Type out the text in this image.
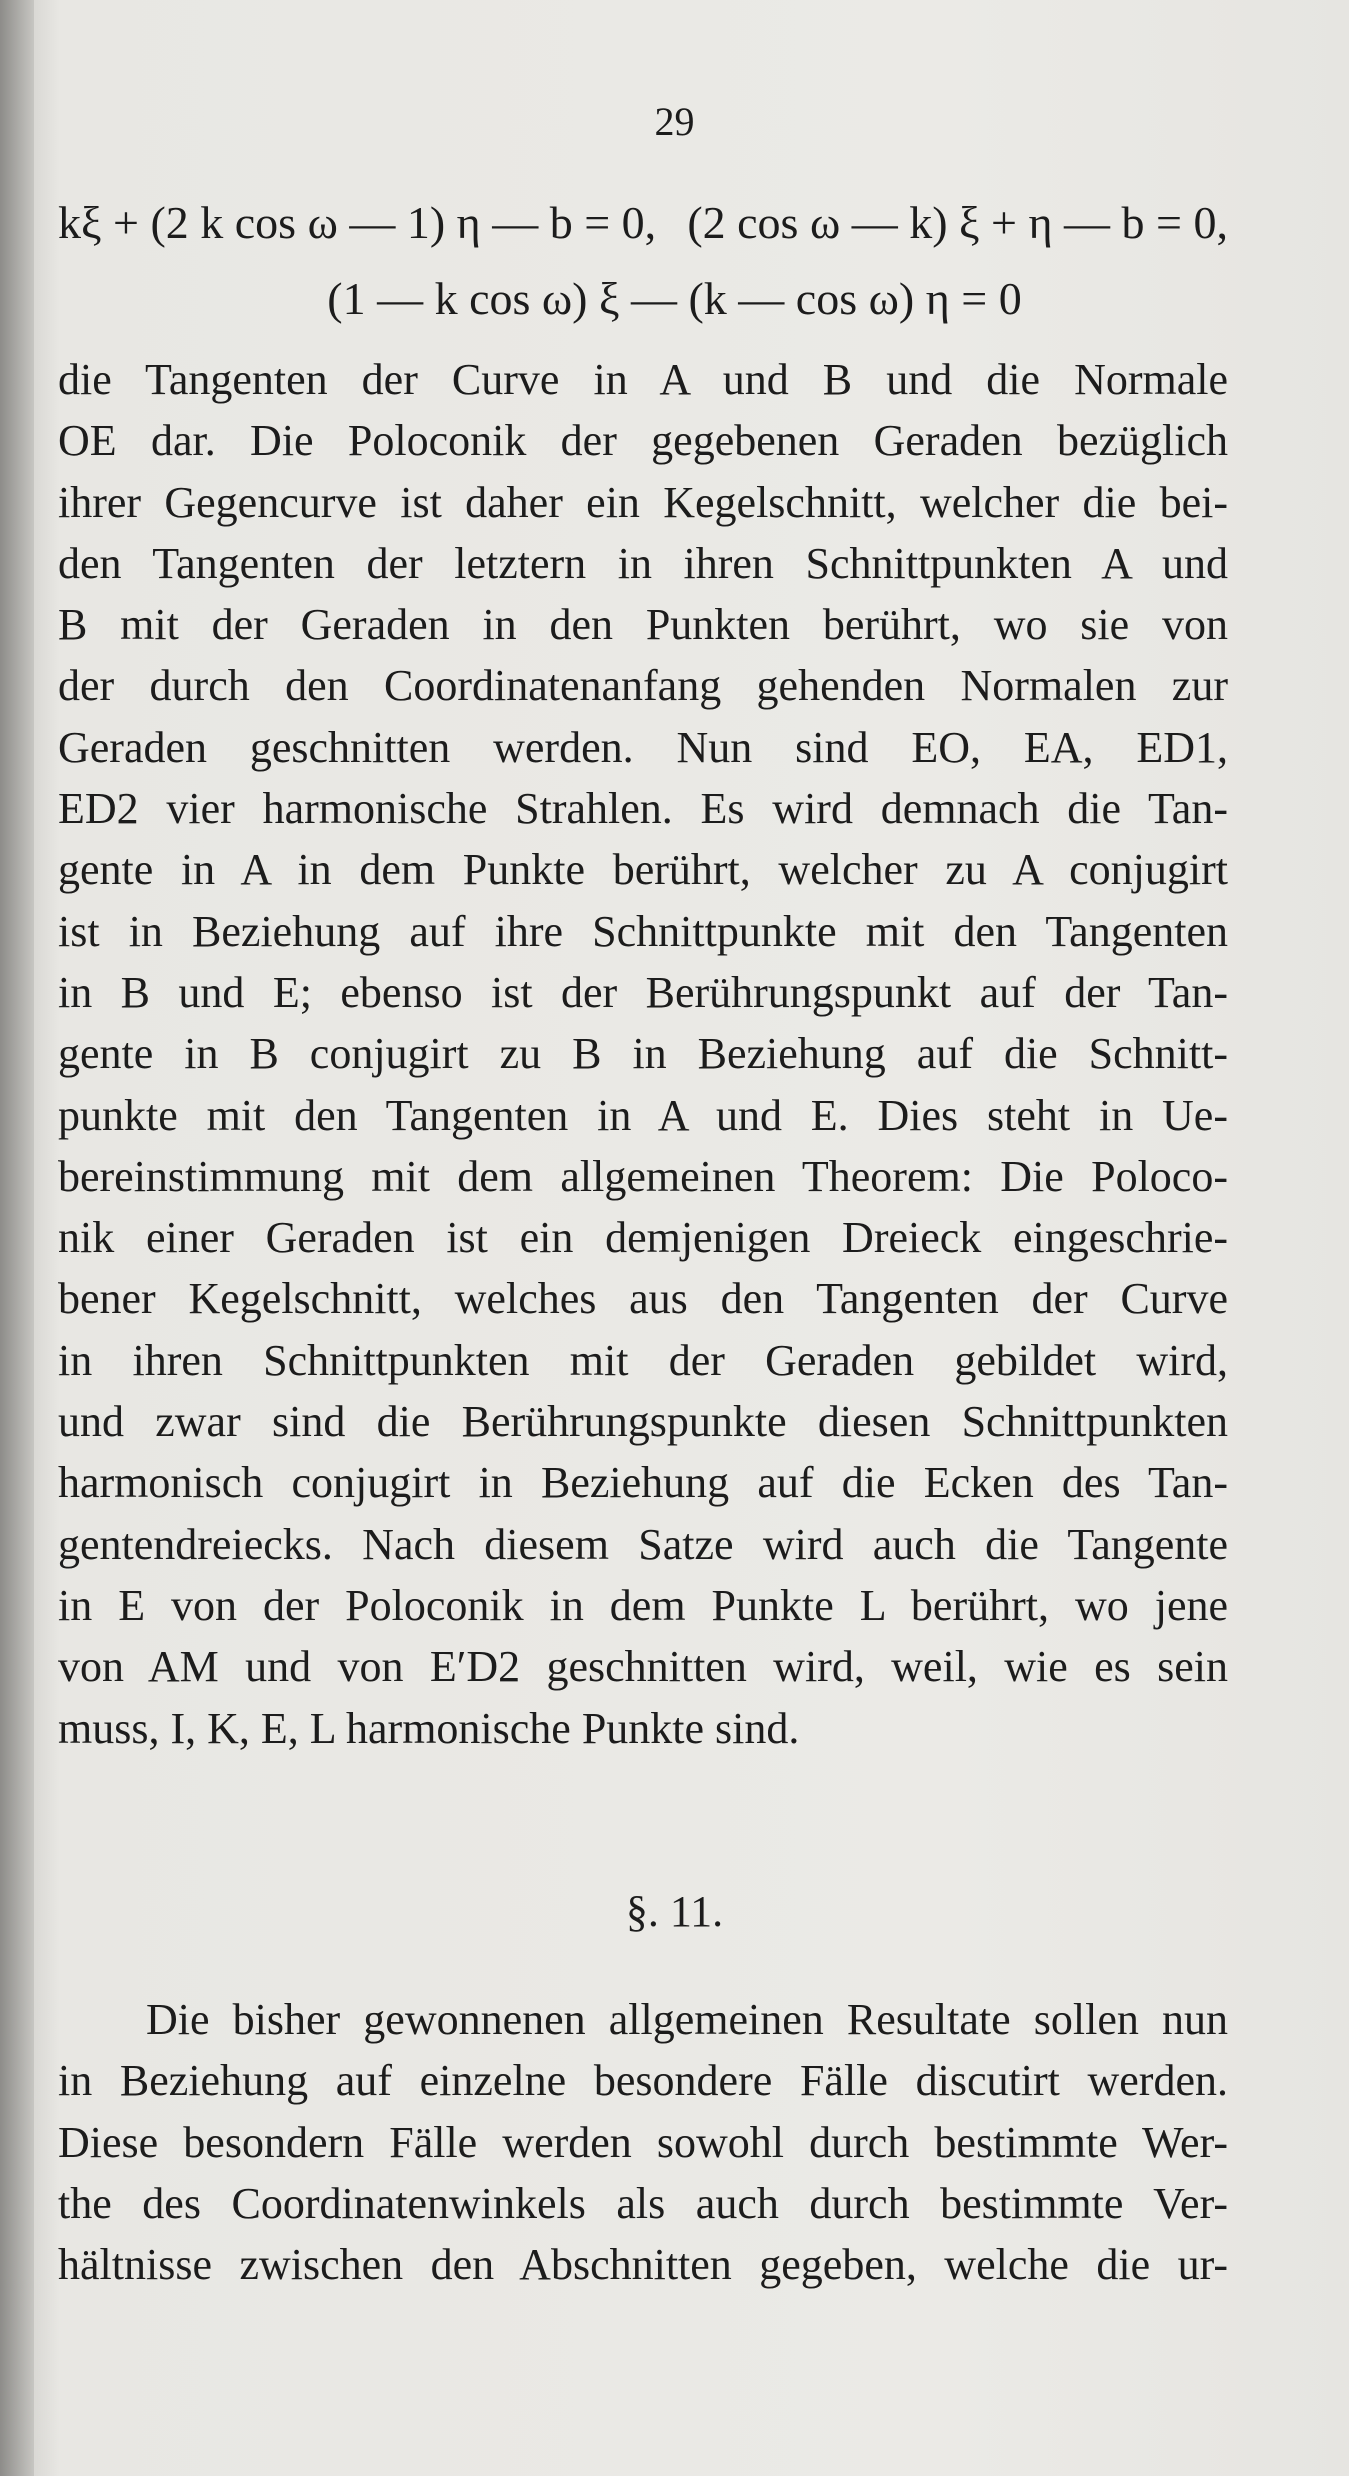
29
kξ + (2 k cos ω — 1) η — b = 0, (2 cos ω — k) ξ + η — b = 0,
(1 — k cos ω) ξ — (k — cos ω) η = 0
die Tangenten der Curve in A und B und die Normale
OE dar. Die Poloconik der gegebenen Geraden bezüglich
ihrer Gegencurve ist daher ein Kegelschnitt, welcher die bei-
den Tangenten der letztern in ihren Schnittpunkten A und
B mit der Geraden in den Punkten berührt, wo sie von
der durch den Coordinatenanfang gehenden Normalen zur
Geraden geschnitten werden. Nun sind EO, EA, ED1,
ED2 vier harmonische Strahlen. Es wird demnach die Tan-
gente in A in dem Punkte berührt, welcher zu A conjugirt
ist in Beziehung auf ihre Schnittpunkte mit den Tangenten
in B und E; ebenso ist der Berührungspunkt auf der Tan-
gente in B conjugirt zu B in Beziehung auf die Schnitt-
punkte mit den Tangenten in A und E. Dies steht in Ue-
bereinstimmung mit dem allgemeinen Theorem: Die Poloco-
nik einer Geraden ist ein demjenigen Dreieck eingeschrie-
bener Kegelschnitt, welches aus den Tangenten der Curve
in ihren Schnittpunkten mit der Geraden gebildet wird,
und zwar sind die Berührungspunkte diesen Schnittpunkten
harmonisch conjugirt in Beziehung auf die Ecken des Tan-
gentendreiecks. Nach diesem Satze wird auch die Tangente
in E von der Poloconik in dem Punkte L berührt, wo jene
von AM und von E′D2 geschnitten wird, weil, wie es sein
muss, I, K, E, L harmonische Punkte sind.
§. 11.
Die bisher gewonnenen allgemeinen Resultate sollen nun
in Beziehung auf einzelne besondere Fälle discutirt werden.
Diese besondern Fälle werden sowohl durch bestimmte Wer-
the des Coordinatenwinkels als auch durch bestimmte Ver-
hältnisse zwischen den Abschnitten gegeben, welche die ur-
